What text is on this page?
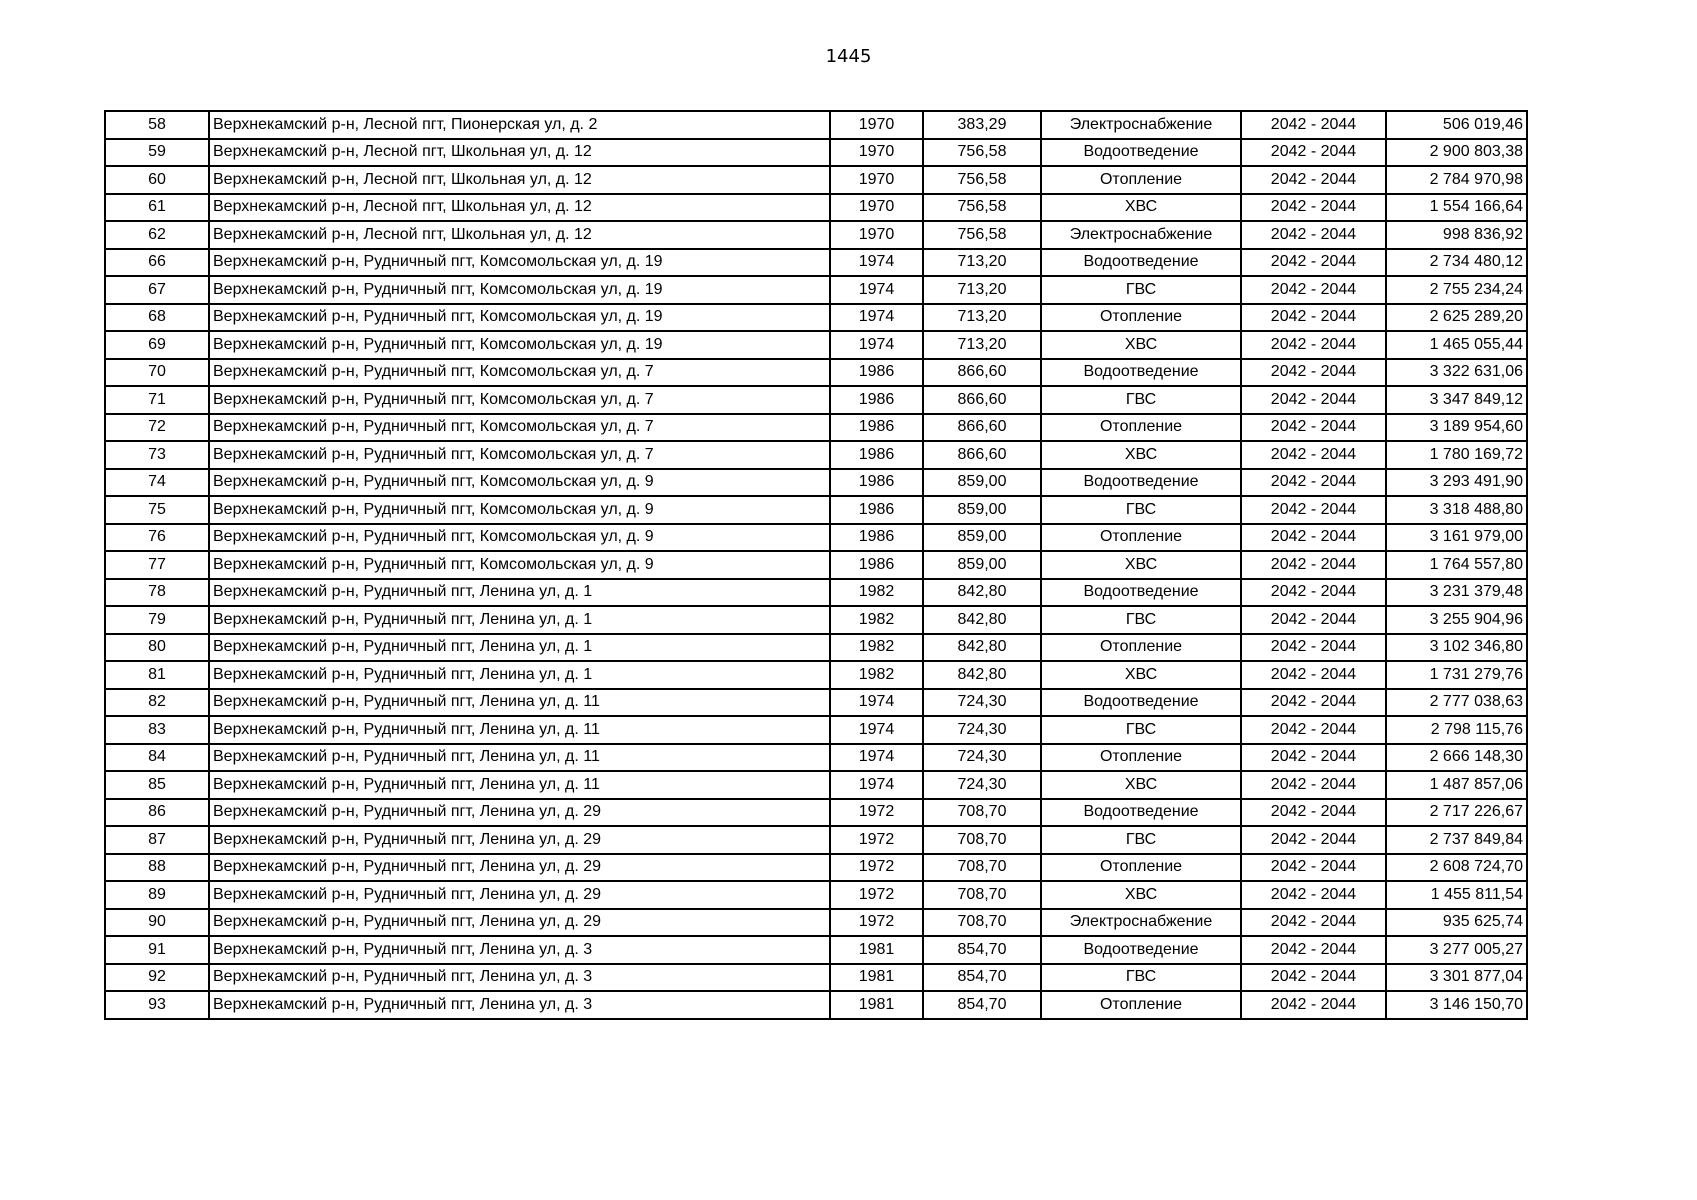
1445
58	Верхнекамский р-н, Лесной пгт, Пионерская ул, д. 2	1970	383,29	Электроснабжение	2042 - 2044	506 019,46
59	Верхнекамский р-н, Лесной пгт, Школьная ул, д. 12	1970	756,58	Водоотведение	2042 - 2044	2 900 803,38
60	Верхнекамский р-н, Лесной пгт, Школьная ул, д. 12	1970	756,58	Отопление	2042 - 2044	2 784 970,98
61	Верхнекамский р-н, Лесной пгт, Школьная ул, д. 12	1970	756,58	ХВС	2042 - 2044	1 554 166,64
62	Верхнекамский р-н, Лесной пгт, Школьная ул, д. 12	1970	756,58	Электроснабжение	2042 - 2044	998 836,92
66	Верхнекамский р-н, Рудничный пгт, Комсомольская ул, д. 19	1974	713,20	Водоотведение	2042 - 2044	2 734 480,12
67	Верхнекамский р-н, Рудничный пгт, Комсомольская ул, д. 19	1974	713,20	ГВС	2042 - 2044	2 755 234,24
68	Верхнекамский р-н, Рудничный пгт, Комсомольская ул, д. 19	1974	713,20	Отопление	2042 - 2044	2 625 289,20
69	Верхнекамский р-н, Рудничный пгт, Комсомольская ул, д. 19	1974	713,20	ХВС	2042 - 2044	1 465 055,44
70	Верхнекамский р-н, Рудничный пгт, Комсомольская ул, д. 7	1986	866,60	Водоотведение	2042 - 2044	3 322 631,06
71	Верхнекамский р-н, Рудничный пгт, Комсомольская ул, д. 7	1986	866,60	ГВС	2042 - 2044	3 347 849,12
72	Верхнекамский р-н, Рудничный пгт, Комсомольская ул, д. 7	1986	866,60	Отопление	2042 - 2044	3 189 954,60
73	Верхнекамский р-н, Рудничный пгт, Комсомольская ул, д. 7	1986	866,60	ХВС	2042 - 2044	1 780 169,72
74	Верхнекамский р-н, Рудничный пгт, Комсомольская ул, д. 9	1986	859,00	Водоотведение	2042 - 2044	3 293 491,90
75	Верхнекамский р-н, Рудничный пгт, Комсомольская ул, д. 9	1986	859,00	ГВС	2042 - 2044	3 318 488,80
76	Верхнекамский р-н, Рудничный пгт, Комсомольская ул, д. 9	1986	859,00	Отопление	2042 - 2044	3 161 979,00
77	Верхнекамский р-н, Рудничный пгт, Комсомольская ул, д. 9	1986	859,00	ХВС	2042 - 2044	1 764 557,80
78	Верхнекамский р-н, Рудничный пгт, Ленина ул, д. 1	1982	842,80	Водоотведение	2042 - 2044	3 231 379,48
79	Верхнекамский р-н, Рудничный пгт, Ленина ул, д. 1	1982	842,80	ГВС	2042 - 2044	3 255 904,96
80	Верхнекамский р-н, Рудничный пгт, Ленина ул, д. 1	1982	842,80	Отопление	2042 - 2044	3 102 346,80
81	Верхнекамский р-н, Рудничный пгт, Ленина ул, д. 1	1982	842,80	ХВС	2042 - 2044	1 731 279,76
82	Верхнекамский р-н, Рудничный пгт, Ленина ул, д. 11	1974	724,30	Водоотведение	2042 - 2044	2 777 038,63
83	Верхнекамский р-н, Рудничный пгт, Ленина ул, д. 11	1974	724,30	ГВС	2042 - 2044	2 798 115,76
84	Верхнекамский р-н, Рудничный пгт, Ленина ул, д. 11	1974	724,30	Отопление	2042 - 2044	2 666 148,30
85	Верхнекамский р-н, Рудничный пгт, Ленина ул, д. 11	1974	724,30	ХВС	2042 - 2044	1 487 857,06
86	Верхнекамский р-н, Рудничный пгт, Ленина ул, д. 29	1972	708,70	Водоотведение	2042 - 2044	2 717 226,67
87	Верхнекамский р-н, Рудничный пгт, Ленина ул, д. 29	1972	708,70	ГВС	2042 - 2044	2 737 849,84
88	Верхнекамский р-н, Рудничный пгт, Ленина ул, д. 29	1972	708,70	Отопление	2042 - 2044	2 608 724,70
89	Верхнекамский р-н, Рудничный пгт, Ленина ул, д. 29	1972	708,70	ХВС	2042 - 2044	1 455 811,54
90	Верхнекамский р-н, Рудничный пгт, Ленина ул, д. 29	1972	708,70	Электроснабжение	2042 - 2044	935 625,74
91	Верхнекамский р-н, Рудничный пгт, Ленина ул, д. 3	1981	854,70	Водоотведение	2042 - 2044	3 277 005,27
92	Верхнекамский р-н, Рудничный пгт, Ленина ул, д. 3	1981	854,70	ГВС	2042 - 2044	3 301 877,04
93	Верхнекамский р-н, Рудничный пгт, Ленина ул, д. 3	1981	854,70	Отопление	2042 - 2044	3 146 150,70
